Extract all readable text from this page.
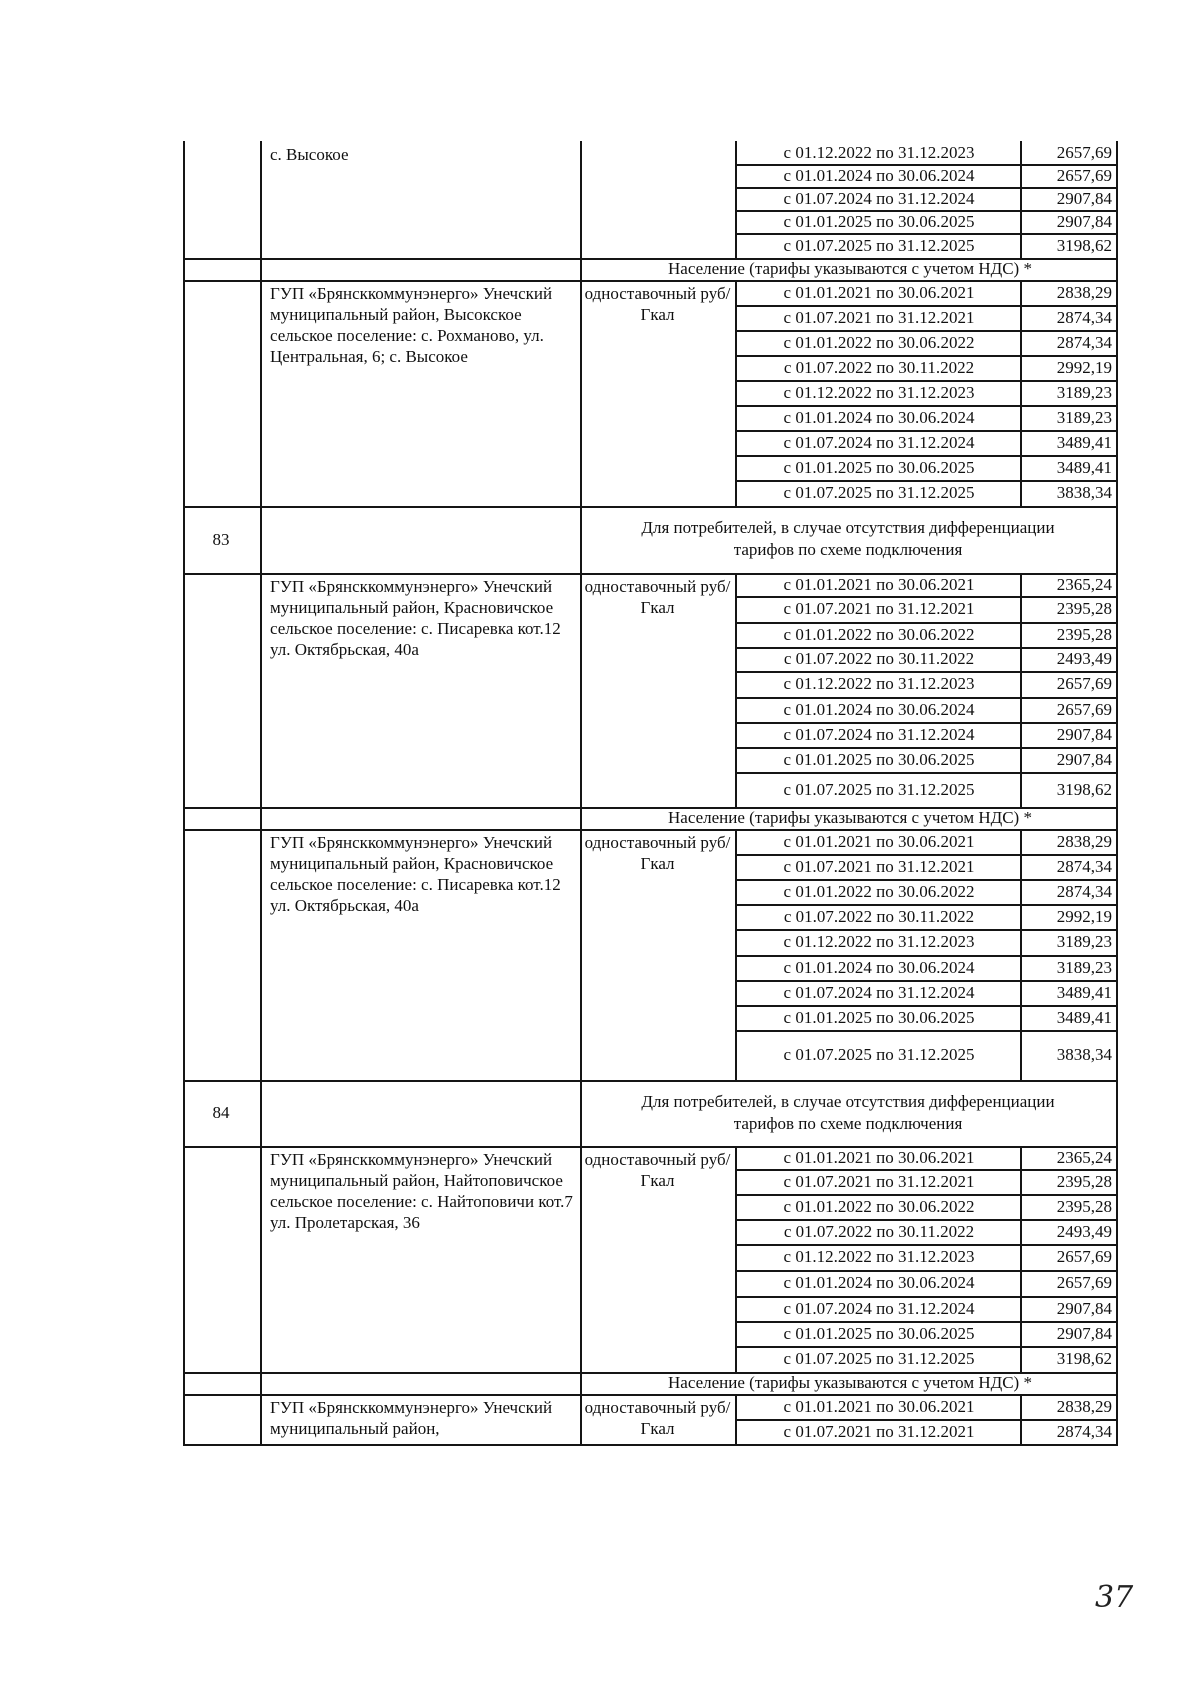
с. Высокое	с 01.12.2022 по 31.12.2023	2657,69
с 01.01.2024 по 30.06.2024	2657,69
с 01.07.2024 по 31.12.2024	2907,84
с 01.01.2025 по 30.06.2025	2907,84
с 01.07.2025 по 31.12.2025	3198,62
Население (тарифы указываются с учетом НДС) *
ГУП «Брянсккоммунэнерго» Унечский муниципальный район, Высокское сельское поселение: с. Рохманово, ул. Центральная, 6; с. Высокое
одноставочный руб/Гкал
с 01.01.2021 по 30.06.2021	2838,29
с 01.07.2021 по 31.12.2021	2874,34
с 01.01.2022 по 30.06.2022	2874,34
с 01.07.2022 по 30.11.2022	2992,19
с 01.12.2022 по 31.12.2023	3189,23
с 01.01.2024 по 30.06.2024	3189,23
с 01.07.2024 по 31.12.2024	3489,41
с 01.01.2025 по 30.06.2025	3489,41
с 01.07.2025 по 31.12.2025	3838,34
83
Для потребителей, в случае отсутствия дифференциации тарифов по схеме подключения
ГУП «Брянсккоммунэнерго» Унечский муниципальный район, Красновичское сельское поселение: с. Писаревка кот.12 ул. Октябрьская, 40а
одноставочный руб/Гкал
с 01.01.2021 по 30.06.2021	2365,24
с 01.07.2021 по 31.12.2021	2395,28
с 01.01.2022 по 30.06.2022	2395,28
с 01.07.2022 по 30.11.2022	2493,49
с 01.12.2022 по 31.12.2023	2657,69
с 01.01.2024 по 30.06.2024	2657,69
с 01.07.2024 по 31.12.2024	2907,84
с 01.01.2025 по 30.06.2025	2907,84
с 01.07.2025 по 31.12.2025	3198,62
Население (тарифы указываются с учетом НДС) *
ГУП «Брянсккоммунэнерго» Унечский муниципальный район, Красновичское сельское поселение: с. Писаревка кот.12 ул. Октябрьская, 40а
одноставочный руб/Гкал
с 01.01.2021 по 30.06.2021	2838,29
с 01.07.2021 по 31.12.2021	2874,34
с 01.01.2022 по 30.06.2022	2874,34
с 01.07.2022 по 30.11.2022	2992,19
с 01.12.2022 по 31.12.2023	3189,23
с 01.01.2024 по 30.06.2024	3189,23
с 01.07.2024 по 31.12.2024	3489,41
с 01.01.2025 по 30.06.2025	3489,41
с 01.07.2025 по 31.12.2025	3838,34
84
Для потребителей, в случае отсутствия дифференциации тарифов по схеме подключения
ГУП «Брянсккоммунэнерго» Унечский муниципальный район, Найтоповичское сельское поселение: с. Найтоповичи кот.7 ул. Пролетарская, 36
одноставочный руб/Гкал
с 01.01.2021 по 30.06.2021	2365,24
с 01.07.2021 по 31.12.2021	2395,28
с 01.01.2022 по 30.06.2022	2395,28
с 01.07.2022 по 30.11.2022	2493,49
с 01.12.2022 по 31.12.2023	2657,69
с 01.01.2024 по 30.06.2024	2657,69
с 01.07.2024 по 31.12.2024	2907,84
с 01.01.2025 по 30.06.2025	2907,84
с 01.07.2025 по 31.12.2025	3198,62
Население (тарифы указываются с учетом НДС) *
ГУП «Брянсккоммунэнерго» Унечский муниципальный район,
одноставочный руб/Гкал
с 01.01.2021 по 30.06.2021	2838,29
с 01.07.2021 по 31.12.2021	2874,34
37
